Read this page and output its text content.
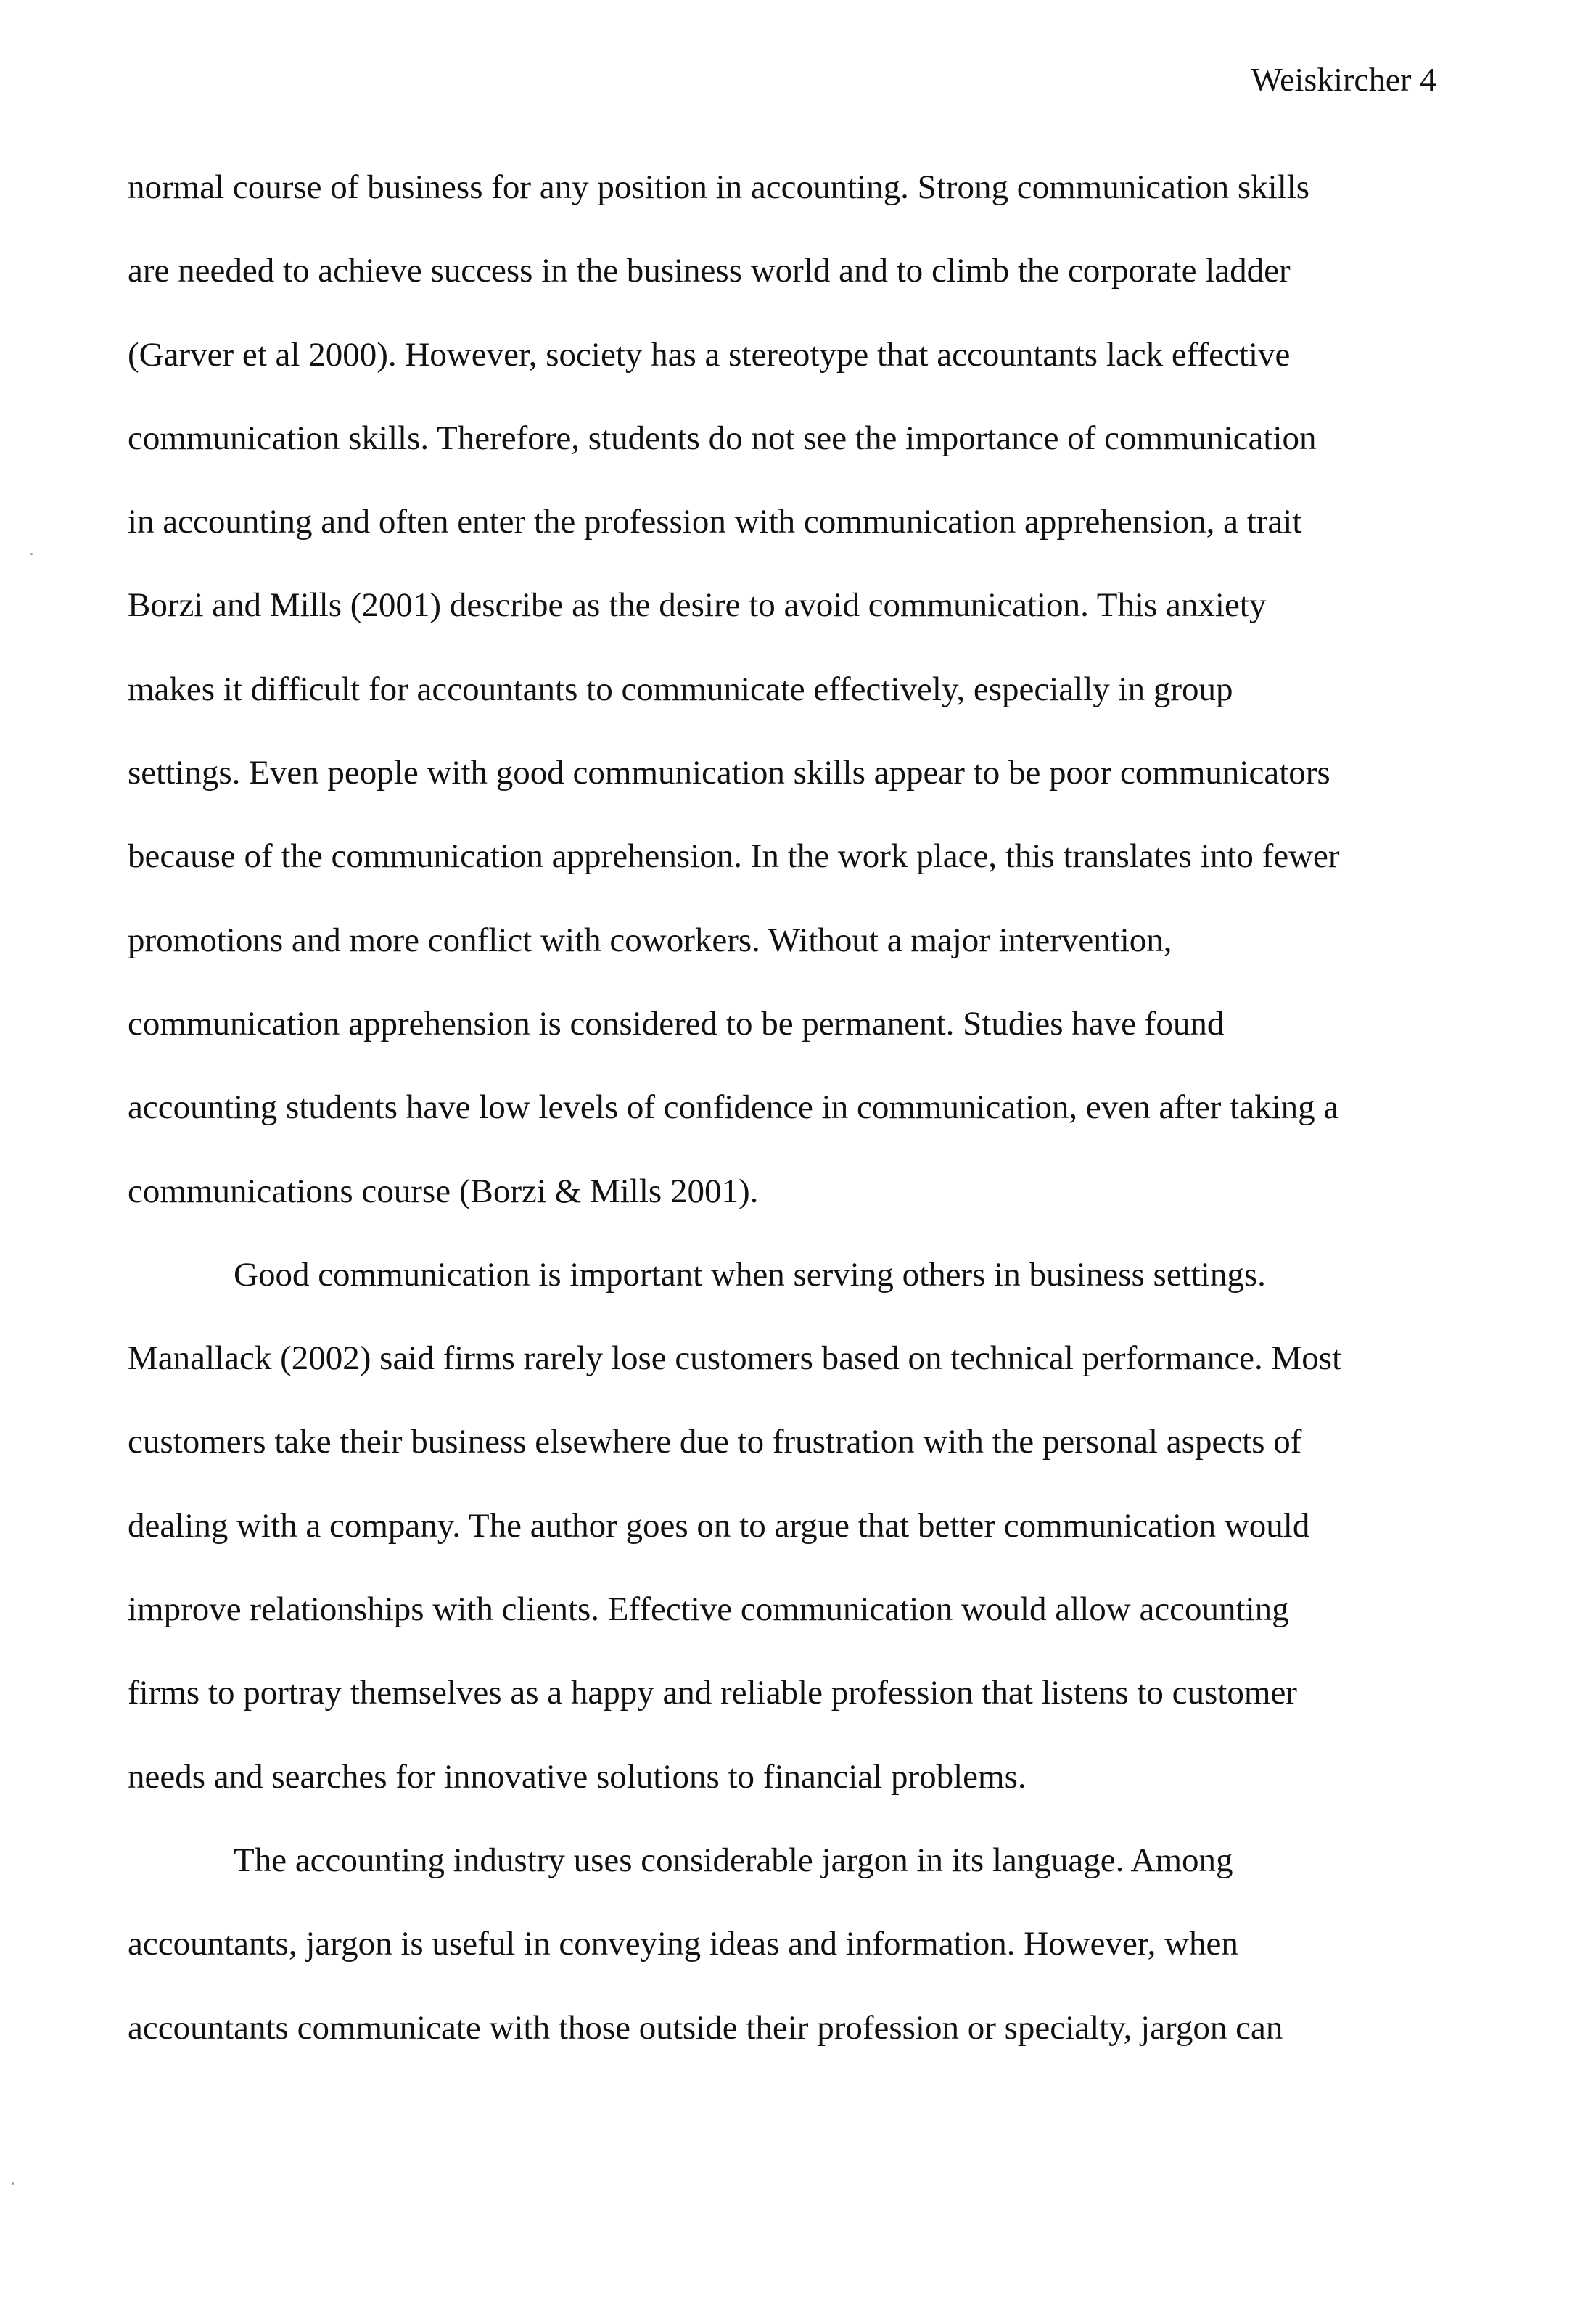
Weiskircher 4
normal course of business for any position in accounting. Strong communication skills
are needed to achieve success in the business world and to climb the corporate ladder
(Garver et al 2000). However, society has a stereotype that accountants lack effective
communication skills. Therefore, students do not see the importance of communication
in accounting and often enter the profession with communication apprehension, a trait
Borzi and Mills (2001) describe as the desire to avoid communication. This anxiety
makes it difficult for accountants to communicate effectively, especially in group
settings. Even people with good communication skills appear to be poor communicators
because of the communication apprehension. In the work place, this translates into fewer
promotions and more conflict with coworkers. Without a major intervention,
communication apprehension is considered to be permanent. Studies have found
accounting students have low levels of confidence in communication, even after taking a
communications course (Borzi & Mills 2001).
Good communication is important when serving others in business settings.
Manallack (2002) said firms rarely lose customers based on technical performance. Most
customers take their business elsewhere due to frustration with the personal aspects of
dealing with a company. The author goes on to argue that better communication would
improve relationships with clients. Effective communication would allow accounting
firms to portray themselves as a happy and reliable profession that listens to customer
needs and searches for innovative solutions to financial problems.
The accounting industry uses considerable jargon in its language. Among
accountants, jargon is useful in conveying ideas and information. However, when
accountants communicate with those outside their profession or specialty, jargon can
